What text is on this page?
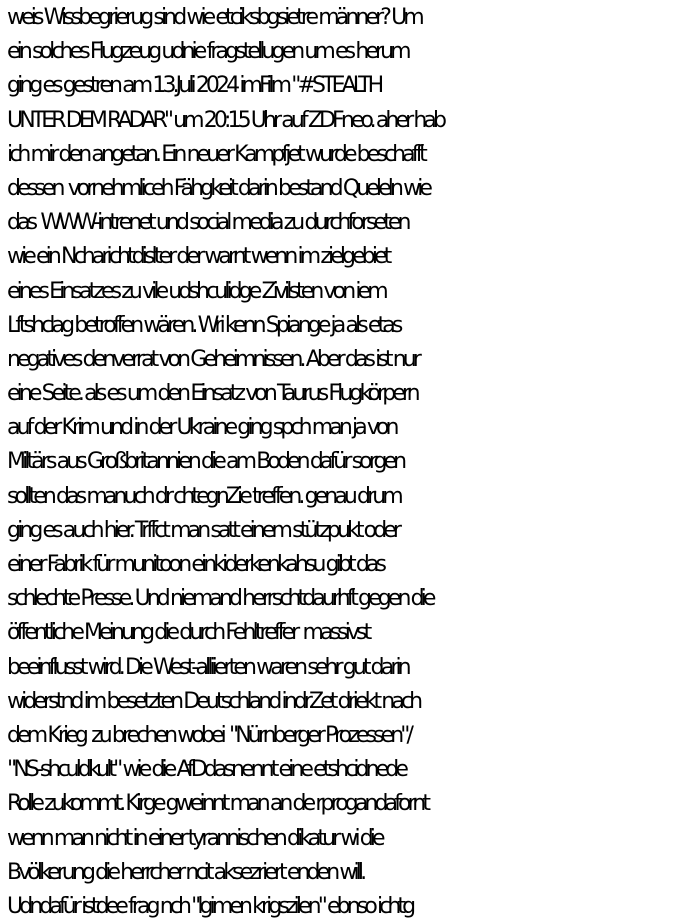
weis Wissbegrierug sind wie etciksbgsietre männer? Um
ein solches Flugzeug udnie fragstellugen um es herum
ging es gestren am 13.Juli 2024 imFilm "#STEALTH
UNTER DEM RADAR" um 20:15 Uhr auf ZDFneo. aher hab
ich mir den angetan. Ein neuer Kampfjet wurde beschafft
dessen  vornehmliceh Fähgkeit darin bestand Queleln wie
das  WWW-intrenet und social media zu durchforseten
wie ein Ncharichtdislter der warnt wenn im zielgebiet
eines Einsatzes zu vile udshculidge Zivilsten von iem
Lftshclag betroffen wären. Wri kenn Spiange ja als etas
negatives denverrat von Geheimnissen. Aber das ist nur
eine Seite. als es um den Einsatz von Taurus Flugkörpern
auf der Krim und in der Ukraine ging spch man ja von
Miltärs aus Großbritannien die am Boden dafür sorgen
sollten das manuch dr chtegnZie treffen. genau drum
ging es auch hier. Trffct man satt einem stützpukt oder
einer Fabrik für munitoon einkiderkenkahsu gibt das
schlechte Presse. Und niemand herrschtdaurhft gegen die
öffentliche Meinung die durch Fehltreffer  massivst
beeinflusst wird. Die West-alliierten waren sehr gut darin
widerstnd im besetzten Deutschland indrZet driekt nach
dem Krieg  zu brechen wobei  "Nürnberger Prozessen"/
"NS-shculdkult" wie die AfDdasnennt eine etshcidnede
Rolle zukommt. Kirge gweinnt man an de rprogandafornt
wenn man nicht in einer tyrannischen dikatur wi die
Bvölkerung die herrcher ncit aksezriert enden will.
Udndafür istdee frag nch "lgimen krigszilen" ebnso ichtg
